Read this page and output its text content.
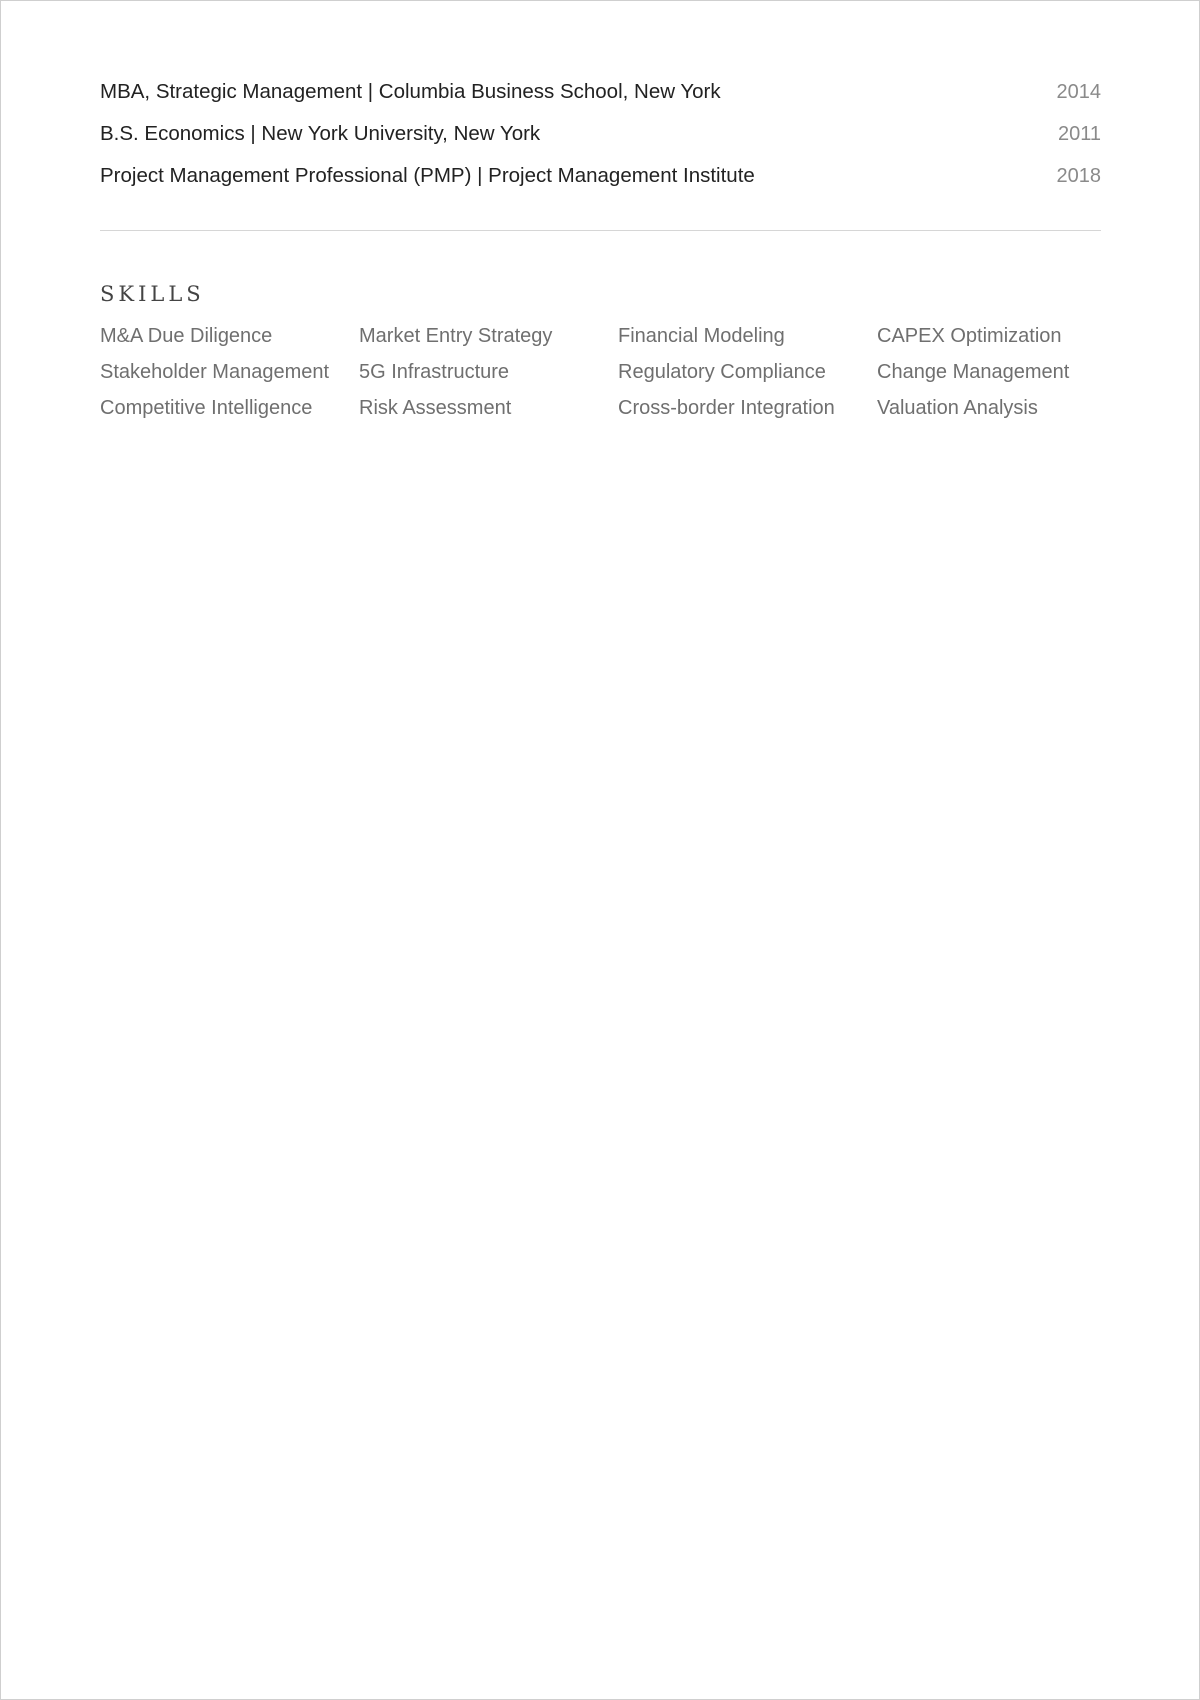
MBA, Strategic Management | Columbia Business School, New York	2014
B.S. Economics | New York University, New York	2011
Project Management Professional (PMP) | Project Management Institute	2018
SKILLS
M&A Due Diligence	Market Entry Strategy	Financial Modeling	CAPEX Optimization
Stakeholder Management	5G Infrastructure	Regulatory Compliance	Change Management
Competitive Intelligence	Risk Assessment	Cross-border Integration	Valuation Analysis
